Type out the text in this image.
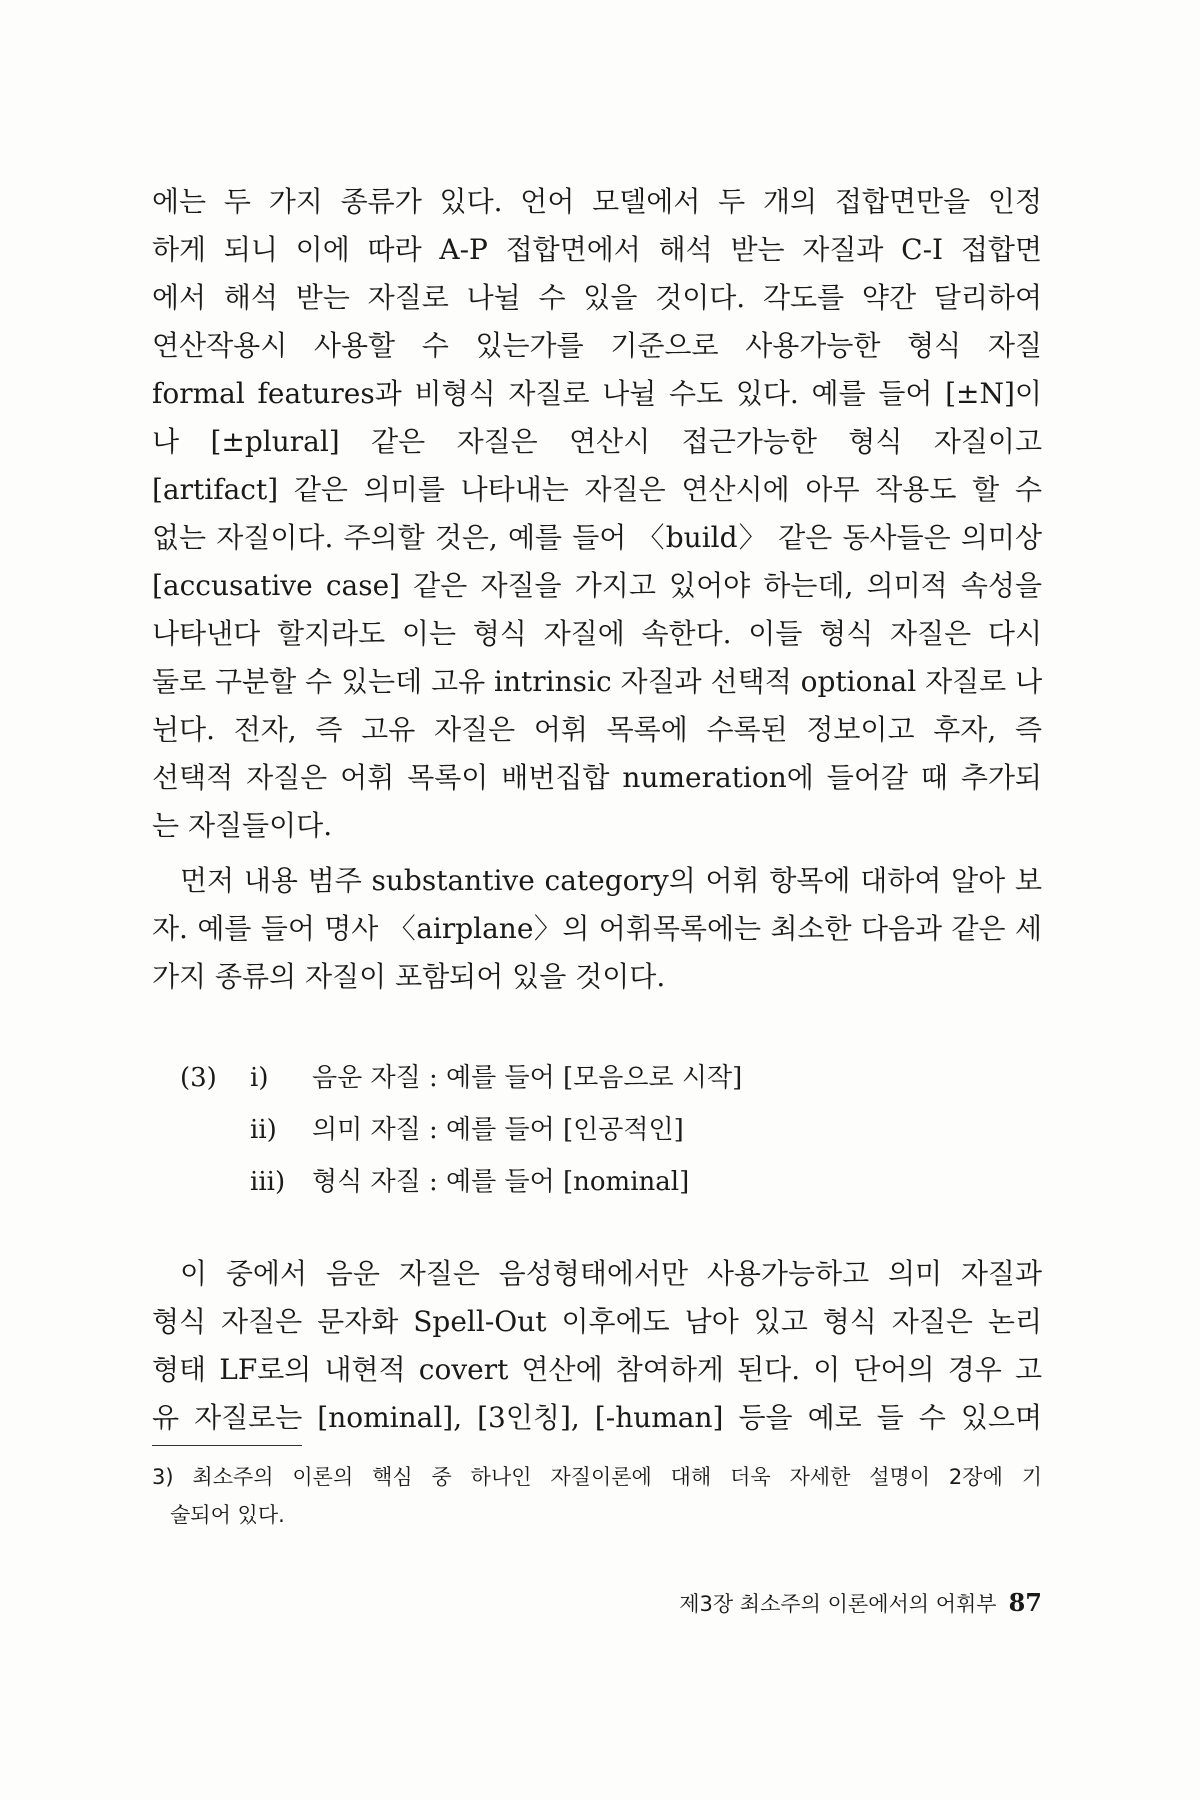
에는 두 가지 종류가 있다. 언어 모델에서 두 개의 접합면만을 인정
하게 되니 이에 따라 A-P 접합면에서 해석 받는 자질과 C-I 접합면
에서 해석 받는 자질로 나뉠 수 있을 것이다. 각도를 약간 달리하여
연산작용시 사용할 수 있는가를 기준으로 사용가능한 형식 자질
formal features과 비형식 자질로 나뉠 수도 있다. 예를 들어 [±N]이
나 [±plural] 같은 자질은 연산시 접근가능한 형식 자질이고
[artifact] 같은 의미를 나타내는 자질은 연산시에 아무 작용도 할 수
없는 자질이다. 주의할 것은, 예를 들어 〈build〉 같은 동사들은 의미상
[accusative case] 같은 자질을 가지고 있어야 하는데, 의미적 속성을
나타낸다 할지라도 이는 형식 자질에 속한다. 이들 형식 자질은 다시
둘로 구분할 수 있는데 고유 intrinsic 자질과 선택적 optional 자질로 나
뉜다. 전자, 즉 고유 자질은 어휘 목록에 수록된 정보이고 후자, 즉
선택적 자질은 어휘 목록이 배번집합 numeration에 들어갈 때 추가되
는 자질들이다.
먼저 내용 범주 substantive category의 어휘 항목에 대하여 알아 보
자. 예를 들어 명사 〈airplane〉의 어휘목록에는 최소한 다음과 같은 세
가지 종류의 자질이 포함되어 있을 것이다.
(3)	i)	음운 자질 : 예를 들어 [모음으로 시작]
ii)	의미 자질 : 예를 들어 [인공적인]
iii)	형식 자질 : 예를 들어 [nominal]
이 중에서 음운 자질은 음성형태에서만 사용가능하고 의미 자질과
형식 자질은 문자화 Spell-Out 이후에도 남아 있고 형식 자질은 논리
형태 LF로의 내현적 covert 연산에 참여하게 된다. 이 단어의 경우 고
유 자질로는 [nominal], [3인칭], [-human] 등을 예로 들 수 있으며
3) 최소주의 이론의 핵심 중 하나인 자질이론에 대해 더욱 자세한 설명이 2장에 기
술되어 있다.
제3장 최소주의 이론에서의 어휘부 87
